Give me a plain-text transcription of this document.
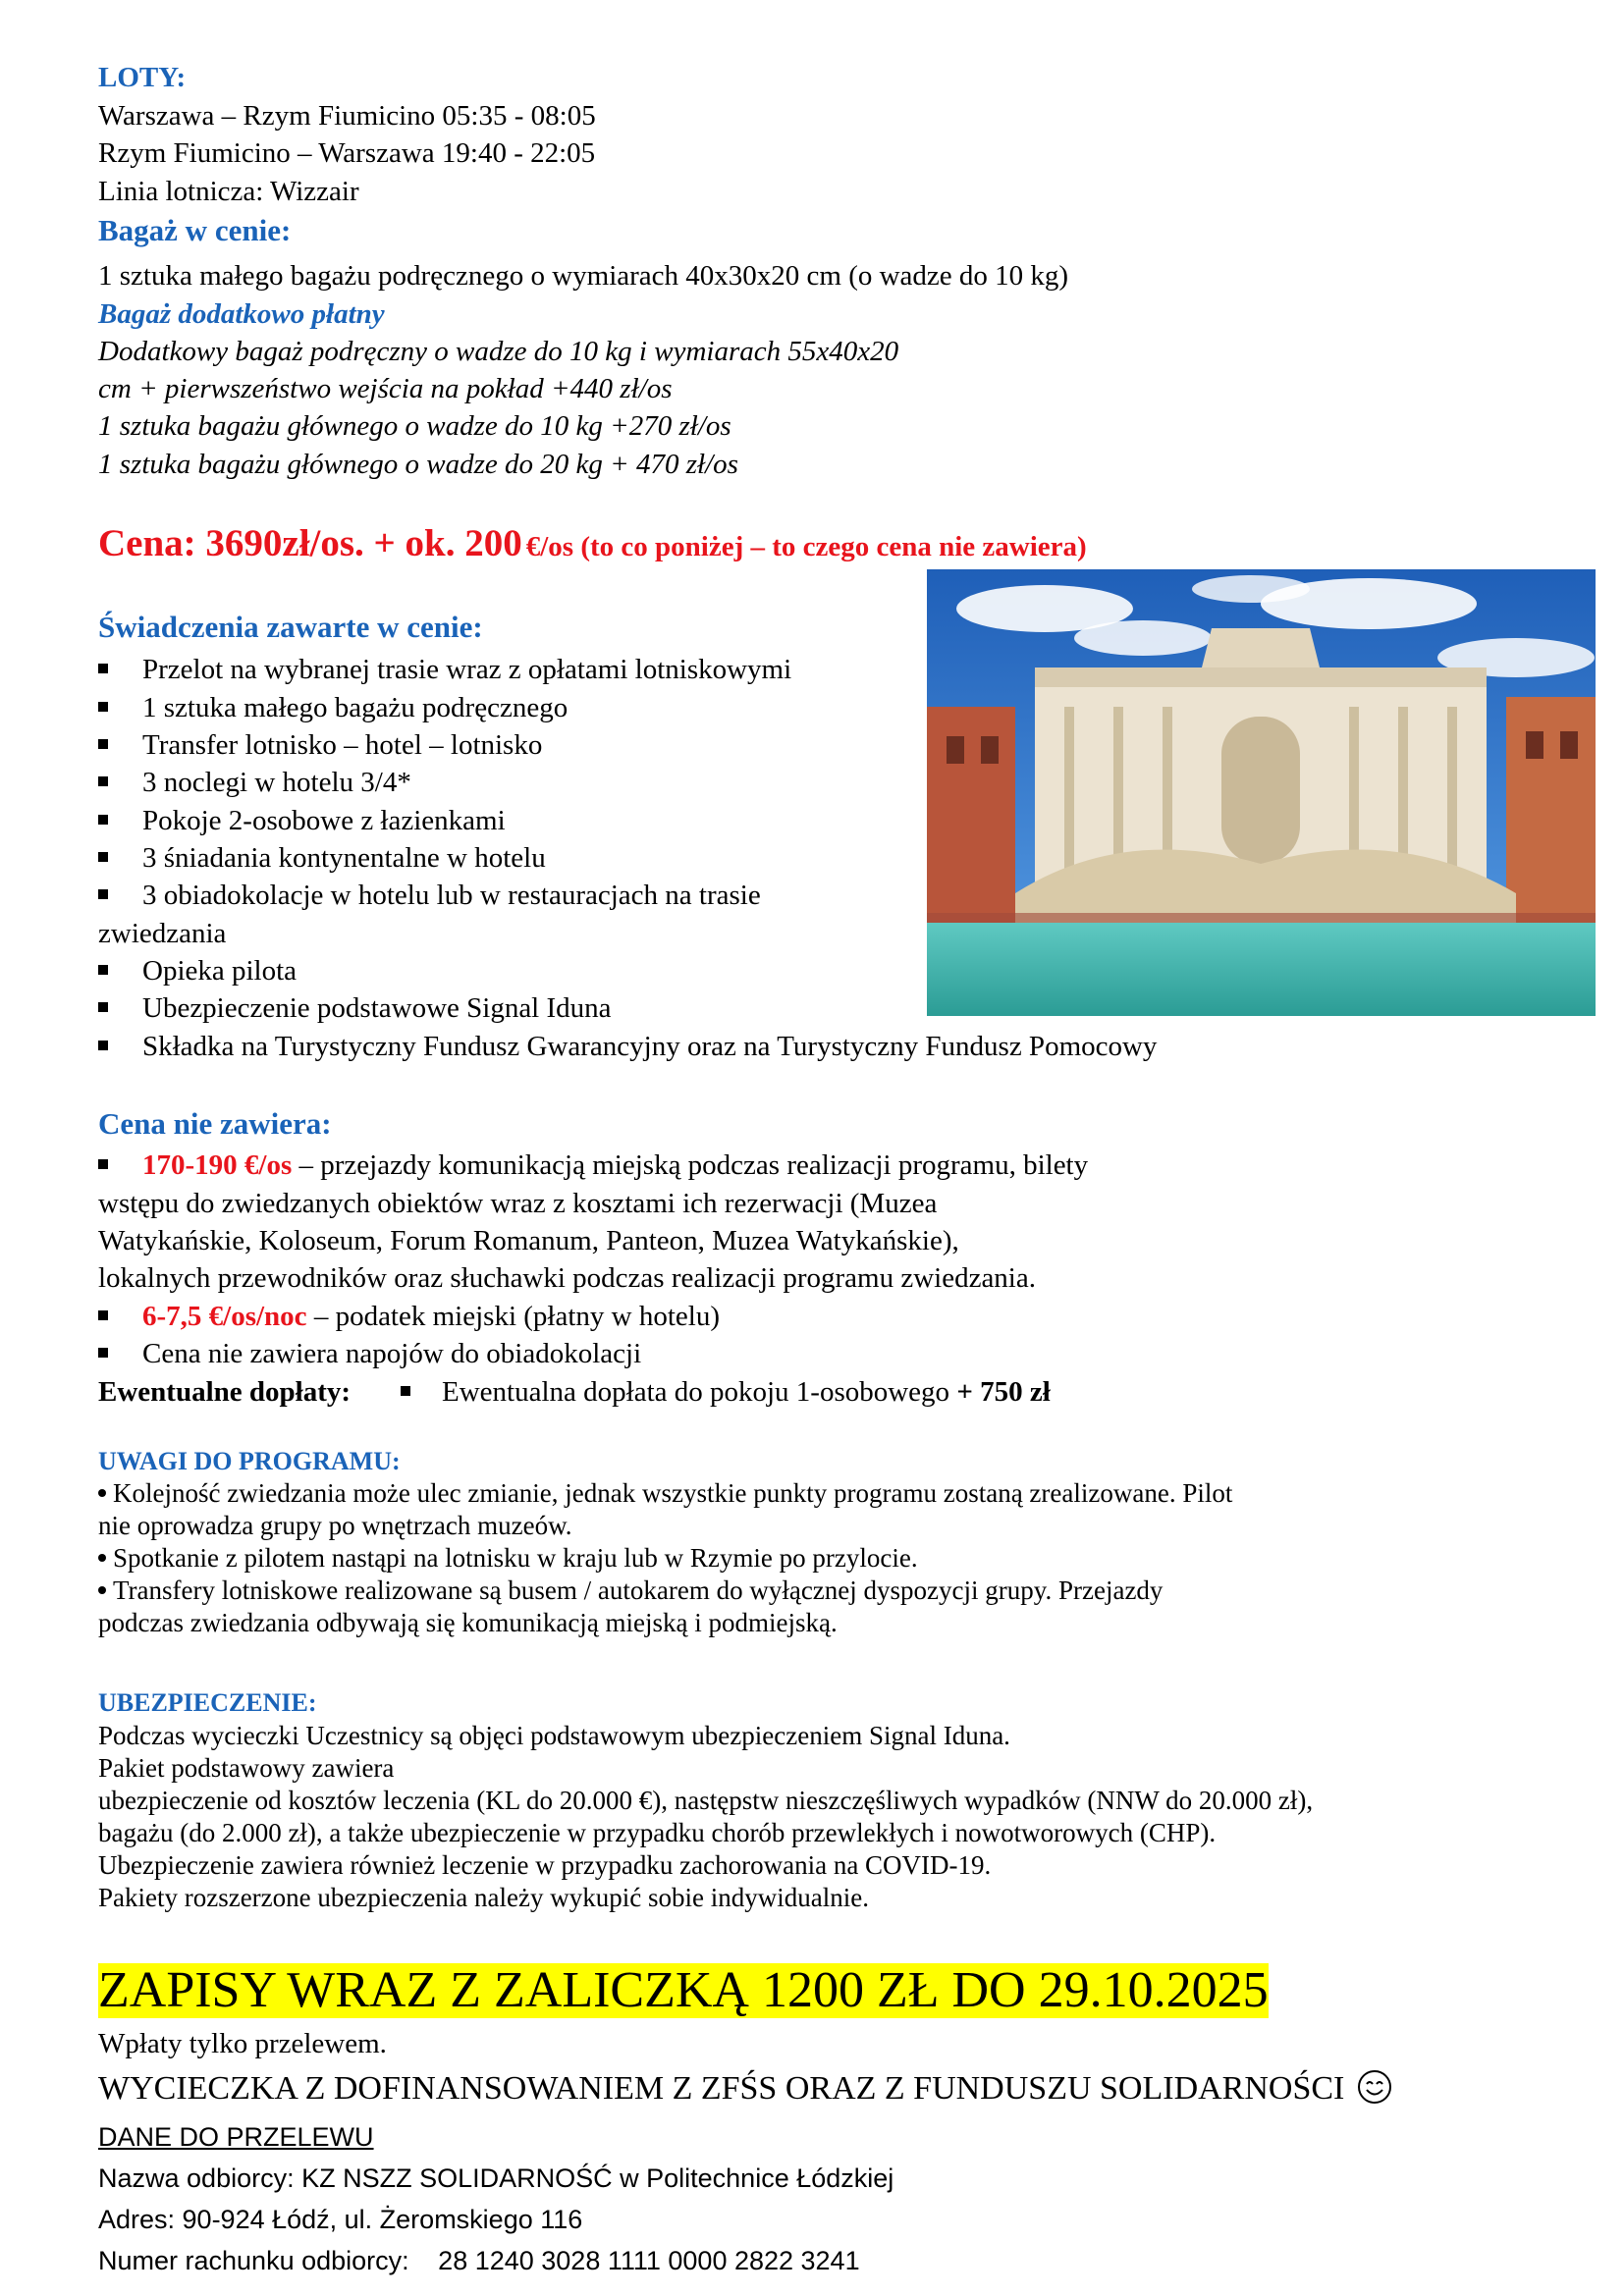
LOTY:
Warszawa – Rzym Fiumicino 05:35 - 08:05
Rzym Fiumicino – Warszawa 19:40 - 22:05
Linia lotnicza: Wizzair
Bagaż w cenie:
1 sztuka małego bagażu podręcznego o wymiarach 40x30x20 cm (o wadze do 10 kg)
Bagaż dodatkowo płatny
Dodatkowy bagaż podręczny o wadze do 10 kg i wymiarach 55x40x20
cm + pierwszeństwo wejścia na pokład +440 zł/os
1 sztuka bagażu głównego o wadze do 10 kg +270 zł/os
1 sztuka bagażu głównego o wadze do 20 kg + 470 zł/os
Cena: 3690zł/os. + ok. 200 €/os (to co poniżej – to czego cena nie zawiera)
Świadczenia zawarte w cenie:
Przelot na wybranej trasie wraz z opłatami lotniskowymi
1 sztuka małego bagażu podręcznego
Transfer lotnisko – hotel – lotnisko
3 noclegi w hotelu 3/4*
Pokoje 2-osobowe z łazienkami
3 śniadania kontynentalne w hotelu
3 obiadokolacje w hotelu lub w restauracjach na trasie
zwiedzania
Opieka pilota
Ubezpieczenie podstawowe Signal Iduna
Składka na Turystyczny Fundusz Gwarancyjny oraz na Turystyczny Fundusz Pomocowy
Cena nie zawiera:
170-190 €/os – przejazdy komunikacją miejską podczas realizacji programu, bilety
wstępu do zwiedzanych obiektów wraz z kosztami ich rezerwacji (Muzea
Watykańskie, Koloseum, Forum Romanum, Panteon, Muzea Watykańskie),
lokalnych przewodników oraz słuchawki podczas realizacji programu zwiedzania.
6-7,5 €/os/noc – podatek miejski (płatny w hotelu)
Cena nie zawiera napojów do obiadokolacji
Ewentualne dopłaty:	Ewentualna dopłata do pokoju 1-osobowego + 750 zł
UWAGI DO PROGRAMU:
Kolejność zwiedzania może ulec zmianie, jednak wszystkie punkty programu zostaną zrealizowane. Pilot
nie oprowadza grupy po wnętrzach muzeów.
Spotkanie z pilotem nastąpi na lotnisku w kraju lub w Rzymie po przylocie.
Transfery lotniskowe realizowane są busem / autokarem do wyłącznej dyspozycji grupy. Przejazdy
podczas zwiedzania odbywają się komunikacją miejską i podmiejską.
UBEZPIECZENIE:
Podczas wycieczki Uczestnicy są objęci podstawowym ubezpieczeniem Signal Iduna.
Pakiet podstawowy zawiera
ubezpieczenie od kosztów leczenia (KL do 20.000 €), następstw nieszczęśliwych wypadków (NNW do 20.000 zł),
bagażu (do 2.000 zł), a także ubezpieczenie w przypadku chorób przewlekłych i nowotworowych (CHP).
Ubezpieczenie zawiera również leczenie w przypadku zachorowania na COVID-19.
Pakiety rozszerzone ubezpieczenia należy wykupić sobie indywidualnie.
ZAPISY WRAZ Z ZALICZKĄ 1200 ZŁ DO 29.10.2025
Wpłaty tylko przelewem.
WYCIECZKA Z DOFINANSOWANIEM Z ZFŚS ORAZ Z FUNDUSZU SOLIDARNOŚCI
DANE DO PRZELEWU
Nazwa odbiorcy: KZ NSZZ SOLIDARNOŚĆ w Politechnice Łódzkiej
Adres: 90-924 Łódź, ul. Żeromskiego 116
Numer rachunku odbiorcy: 28 1240 3028 1111 0000 2822 3241
